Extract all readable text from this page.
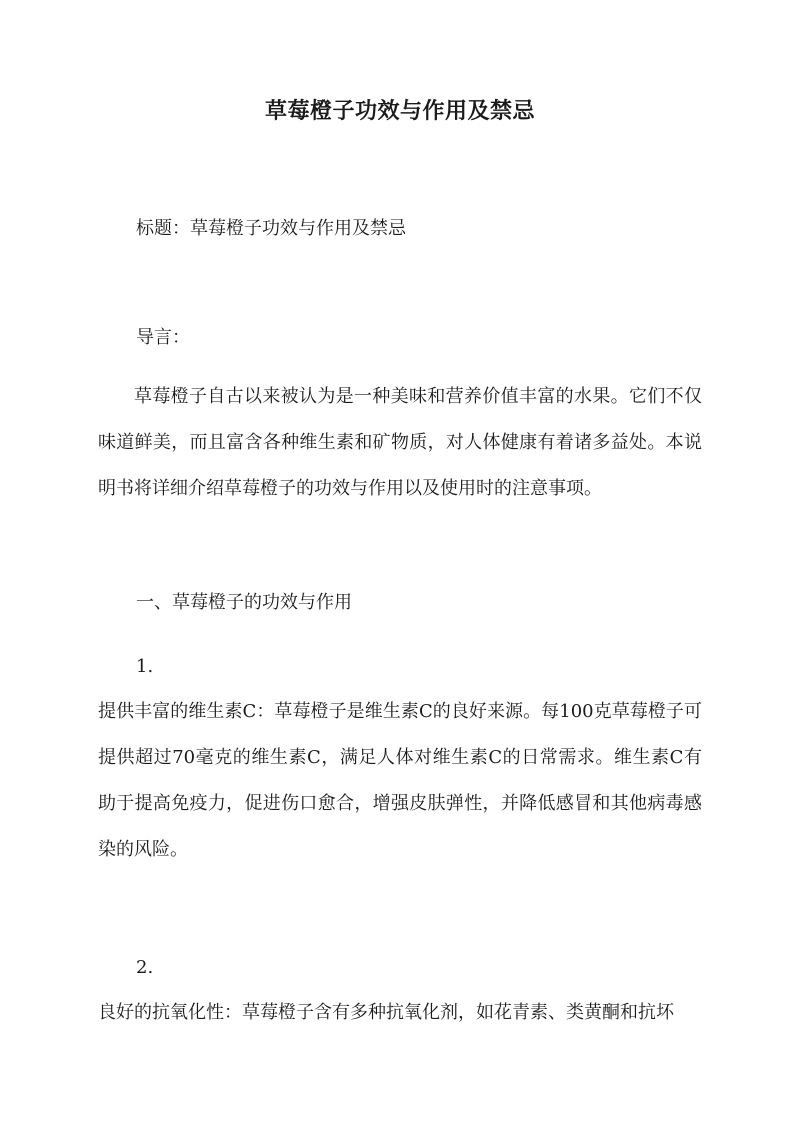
草莓橙子功效与作用及禁忌
标题：草莓橙子功效与作用及禁忌
导言：
草莓橙子自古以来被认为是一种美味和营养价值丰富的水果。它们不仅味道鲜美，而且富含各种维生素和矿物质，对人体健康有着诸多益处。本说明书将详细介绍草莓橙子的功效与作用以及使用时的注意事项。
一、草莓橙子的功效与作用
1.
提供丰富的维生素C：草莓橙子是维生素C的良好来源。每100克草莓橙子可提供超过70毫克的维生素C，满足人体对维生素C的日常需求。维生素C有助于提高免疫力，促进伤口愈合，增强皮肤弹性，并降低感冒和其他病毒感染的风险。
2.
良好的抗氧化性：草莓橙子含有多种抗氧化剂，如花青素、类黄酮和抗坏
